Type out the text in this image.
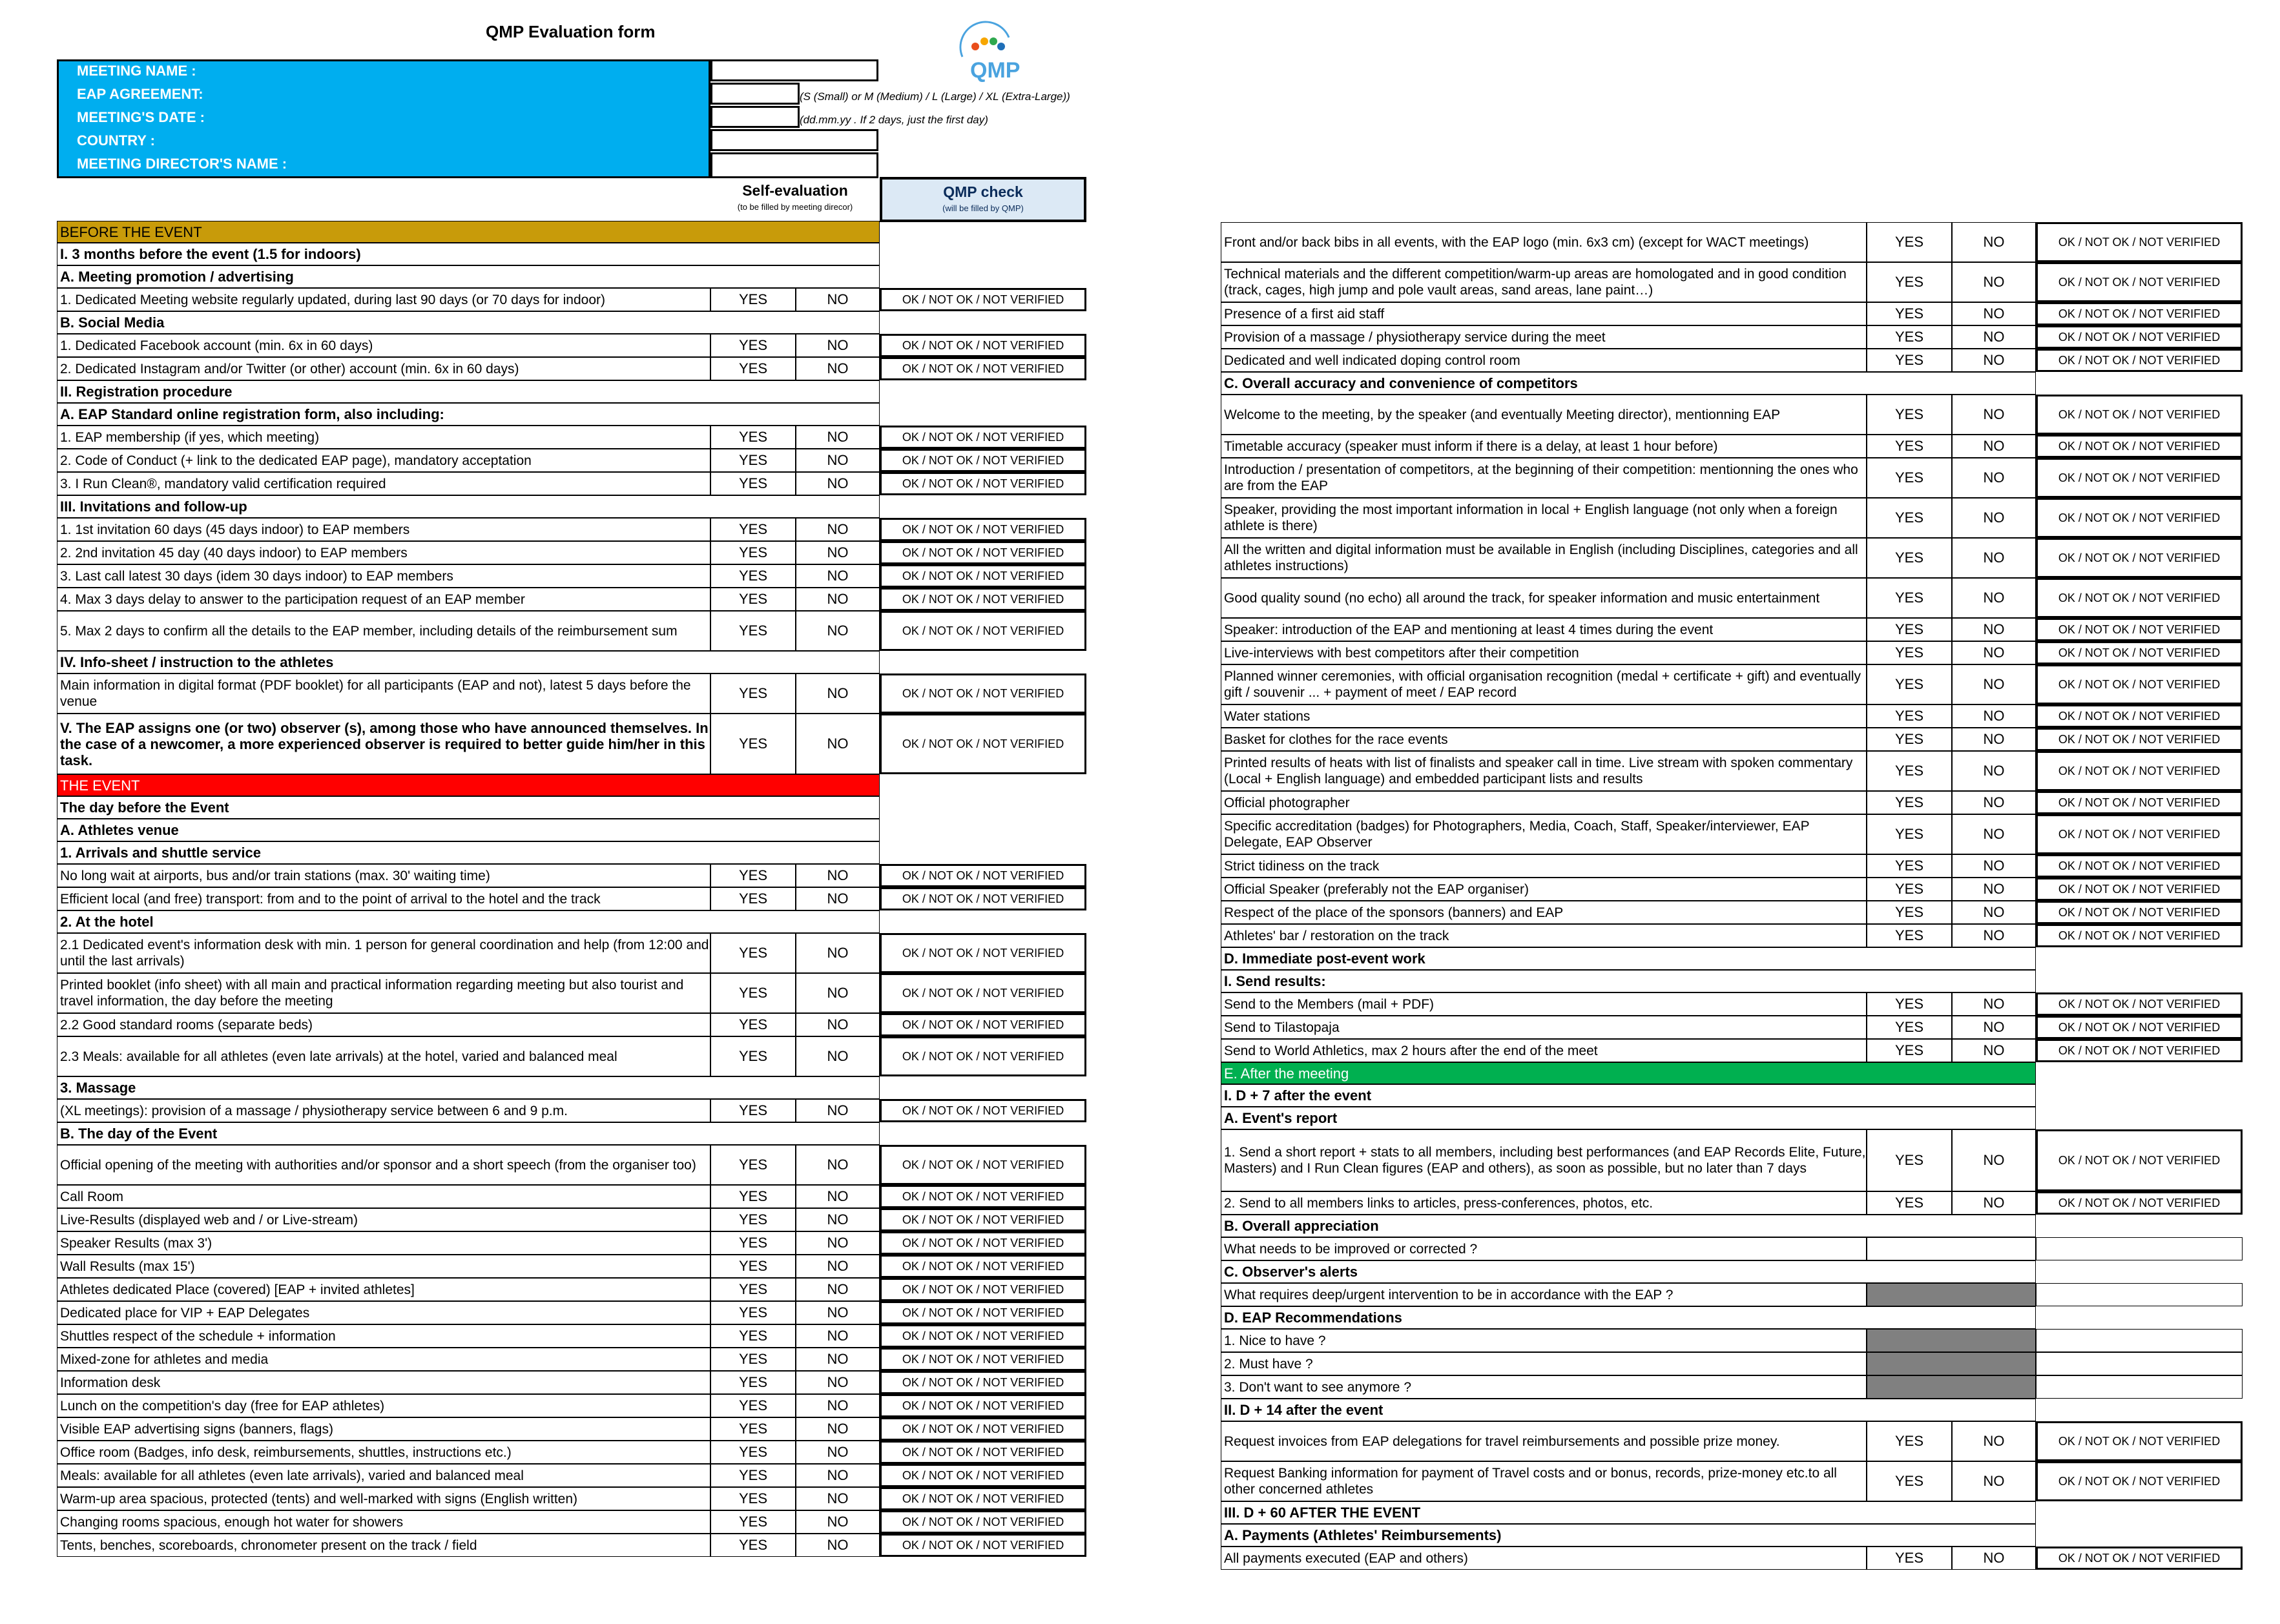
QMP Evaluation form
QMP
MEETING NAME :
EAP AGREEMENT:
MEETING'S DATE :
COUNTRY :
MEETING DIRECTOR'S NAME :
(S (Small) or M (Medium) / L (Large) / XL (Extra-Large))
(dd.mm.yy . If 2 days, just the first day)
Self-evaluation
(to be filled by meeting direcor)
QMP check
(will be filled by QMP)
BEFORE THE EVENT
I. 3 months before the event (1.5 for indoors)
A. Meeting promotion / advertising
1. Dedicated Meeting website regularly updated, during last 90 days (or 70 days for indoor)	YES	NO	OK / NOT OK / NOT VERIFIED
B. Social Media
1. Dedicated Facebook account (min. 6x in 60 days)	YES	NO	OK / NOT OK / NOT VERIFIED
2. Dedicated Instagram and/or Twitter (or other) account (min. 6x in 60 days)	YES	NO	OK / NOT OK / NOT VERIFIED
II. Registration procedure
A. EAP Standard online registration form, also including:
1. EAP membership (if yes, which meeting)	YES	NO	OK / NOT OK / NOT VERIFIED
2. Code of Conduct (+ link to the dedicated EAP page), mandatory acceptation	YES	NO	OK / NOT OK / NOT VERIFIED
3. I Run Clean®, mandatory valid certification required	YES	NO	OK / NOT OK / NOT VERIFIED
III. Invitations and follow-up
1. 1st invitation 60 days (45 days indoor) to EAP members	YES	NO	OK / NOT OK / NOT VERIFIED
2. 2nd invitation 45 day (40 days indoor) to EAP members	YES	NO	OK / NOT OK / NOT VERIFIED
3. Last call latest 30 days (idem 30 days indoor) to EAP members	YES	NO	OK / NOT OK / NOT VERIFIED
4. Max 3 days delay to answer to the participation request of an EAP member	YES	NO	OK / NOT OK / NOT VERIFIED
5. Max 2 days to confirm all the details to the EAP member, including details of the reimbursement sum	YES	NO	OK / NOT OK / NOT VERIFIED
IV. Info-sheet / instruction to the athletes
Main information in digital format (PDF booklet) for all participants (EAP and not), latest 5 days before the venue
YES	NO	OK / NOT OK / NOT VERIFIED
V. The EAP assigns one (or two) observer (s), among those who have announced themselves. In the case of a newcomer, a more experienced observer is required to better guide him/her in this task.
YES	NO	OK / NOT OK / NOT VERIFIED
THE EVENT
The day before the Event
A. Athletes venue
1. Arrivals and shuttle service
No long wait at airports, bus and/or train stations (max. 30' waiting time)	YES	NO	OK / NOT OK / NOT VERIFIED
Efficient local (and free) transport: from and to the point of arrival to the hotel and the track	YES	NO	OK / NOT OK / NOT VERIFIED
2. At the hotel
2.1 Dedicated event's information desk with min. 1 person for general coordination and help (from 12:00 and until the last arrivals)
YES	NO	OK / NOT OK / NOT VERIFIED
Printed booklet (info sheet) with all main and practical information regarding meeting but also tourist and travel information, the day before the meeting
YES	NO	OK / NOT OK / NOT VERIFIED
2.2 Good standard rooms (separate beds)	YES	NO	OK / NOT OK / NOT VERIFIED
2.3 Meals: available for all athletes (even late arrivals) at the hotel, varied and balanced meal	YES	NO	OK / NOT OK / NOT VERIFIED
3. Massage
(XL meetings): provision of a massage / physiotherapy service between 6 and 9 p.m.	YES	NO	OK / NOT OK / NOT VERIFIED
B. The day of the Event
Official opening of the meeting with authorities and/or sponsor and a short speech (from the organiser too)	YES	NO	OK / NOT OK / NOT VERIFIED
Call Room	YES	NO	OK / NOT OK / NOT VERIFIED
Live-Results (displayed web and / or Live-stream)	YES	NO	OK / NOT OK / NOT VERIFIED
Speaker Results (max 3')	YES	NO	OK / NOT OK / NOT VERIFIED
Wall Results (max 15')	YES	NO	OK / NOT OK / NOT VERIFIED
Athletes dedicated Place (covered) [EAP + invited athletes]	YES	NO	OK / NOT OK / NOT VERIFIED
Dedicated place for VIP + EAP Delegates	YES	NO	OK / NOT OK / NOT VERIFIED
Shuttles respect of the schedule + information	YES	NO	OK / NOT OK / NOT VERIFIED
Mixed-zone for athletes and media	YES	NO	OK / NOT OK / NOT VERIFIED
Information desk	YES	NO	OK / NOT OK / NOT VERIFIED
Lunch on the competition's day (free for EAP athletes)	YES	NO	OK / NOT OK / NOT VERIFIED
Visible EAP advertising signs (banners, flags)	YES	NO	OK / NOT OK / NOT VERIFIED
Office room (Badges, info desk, reimbursements, shuttles, instructions etc.)	YES	NO	OK / NOT OK / NOT VERIFIED
Meals: available for all athletes (even late arrivals), varied and balanced meal	YES	NO	OK / NOT OK / NOT VERIFIED
Warm-up area spacious, protected (tents) and well-marked with signs (English written)	YES	NO	OK / NOT OK / NOT VERIFIED
Changing rooms spacious, enough hot water for showers	YES	NO	OK / NOT OK / NOT VERIFIED
Tents, benches, scoreboards, chronometer present on the track / field	YES	NO	OK / NOT OK / NOT VERIFIED
Front and/or back bibs in all events, with the EAP logo (min. 6x3 cm) (except for WACT meetings)	YES	NO	OK / NOT OK / NOT VERIFIED
Technical materials and the different competition/warm-up areas are homologated and in good condition (track, cages, high jump and pole vault areas, sand areas, lane paint…)
YES	NO	OK / NOT OK / NOT VERIFIED
Presence of a first aid staff	YES	NO	OK / NOT OK / NOT VERIFIED
Provision of a massage / physiotherapy service during the meet	YES	NO	OK / NOT OK / NOT VERIFIED
Dedicated and well indicated doping control room	YES	NO	OK / NOT OK / NOT VERIFIED
C. Overall accuracy and convenience of competitors
Welcome to the meeting, by the speaker (and eventually Meeting director), mentionning EAP	YES	NO	OK / NOT OK / NOT VERIFIED
Timetable accuracy (speaker must inform if there is a delay, at least 1 hour before)	YES	NO	OK / NOT OK / NOT VERIFIED
Introduction / presentation of competitors, at the beginning of their competition: mentionning the ones who are from the EAP
YES	NO	OK / NOT OK / NOT VERIFIED
Speaker, providing the most important information in local + English language (not only when a foreign athlete is there)
YES	NO	OK / NOT OK / NOT VERIFIED
All the written and digital information must be available in English (including Disciplines, categories and all athletes instructions)
YES	NO	OK / NOT OK / NOT VERIFIED
Good quality sound (no echo) all around the track, for speaker information and music entertainment	YES	NO	OK / NOT OK / NOT VERIFIED
Speaker: introduction of the EAP and mentioning at least 4 times during the event	YES	NO	OK / NOT OK / NOT VERIFIED
Live-interviews with best competitors after their competition	YES	NO	OK / NOT OK / NOT VERIFIED
Planned winner ceremonies, with official organisation recognition (medal + certificate + gift) and eventually gift / souvenir ... + payment of meet / EAP record
YES	NO	OK / NOT OK / NOT VERIFIED
Water stations	YES	NO	OK / NOT OK / NOT VERIFIED
Basket for clothes for the race events	YES	NO	OK / NOT OK / NOT VERIFIED
Printed results of heats with list of finalists and speaker call in time. Live stream with spoken commentary (Local + English language) and embedded participant lists and results
YES	NO	OK / NOT OK / NOT VERIFIED
Official photographer	YES	NO	OK / NOT OK / NOT VERIFIED
Specific accreditation (badges) for Photographers, Media, Coach, Staff, Speaker/interviewer, EAP Delegate, EAP Observer
YES	NO	OK / NOT OK / NOT VERIFIED
Strict tidiness on the track	YES	NO	OK / NOT OK / NOT VERIFIED
Official Speaker (preferably not the EAP organiser)	YES	NO	OK / NOT OK / NOT VERIFIED
Respect of the place of the sponsors (banners) and EAP	YES	NO	OK / NOT OK / NOT VERIFIED
Athletes' bar / restoration on the track	YES	NO	OK / NOT OK / NOT VERIFIED
D. Immediate post-event work
I. Send results:
Send to the Members (mail + PDF)	YES	NO	OK / NOT OK / NOT VERIFIED
Send to Tilastopaja	YES	NO	OK / NOT OK / NOT VERIFIED
Send to World Athletics, max 2 hours after the end of the meet	YES	NO	OK / NOT OK / NOT VERIFIED
E. After the meeting
I. D + 7 after the event
A. Event's report
1. Send a short report + stats to all members, including best performances (and EAP Records Elite, Future, Masters) and I Run Clean figures (EAP and others), as soon as possible, but no later than 7 days
YES	NO	OK / NOT OK / NOT VERIFIED
2. Send to all members links to articles, press-conferences, photos, etc.	YES	NO	OK / NOT OK / NOT VERIFIED
B. Overall appreciation
What needs to be improved or corrected ?
C. Observer's alerts
What requires deep/urgent intervention to be in accordance with the EAP ?
D. EAP Recommendations
1. Nice to have ?
2. Must have ?
3. Don't want to see anymore ?
II. D + 14 after the event
Request invoices from EAP delegations for travel reimbursements and possible prize money.	YES	NO	OK / NOT OK / NOT VERIFIED
Request Banking information for payment of Travel costs and or bonus, records, prize-money etc.to all other concerned athletes
YES	NO	OK / NOT OK / NOT VERIFIED
III. D + 60 AFTER THE EVENT
A. Payments (Athletes' Reimbursements)
All payments executed (EAP and others)	YES	NO	OK / NOT OK / NOT VERIFIED
